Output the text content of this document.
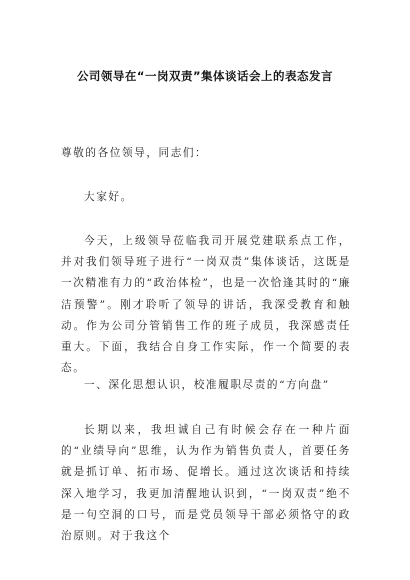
公司领导在“一岗双责”集体谈话会上的表态发言

尊敬的各位领导，同志们：

大家好。

今天，上级领导莅临我司开展党建联系点工作，并对我们领导班子进行“一岗双责”集体谈话，这既是一次精准有力的“政治体检”，也是一次恰逢其时的“廉洁预警”。刚才聆听了领导的讲话，我深受教育和触动。作为公司分管销售工作的班子成员，我深感责任重大。下面，我结合自身工作实际，作一个简要的表态。

一、深化思想认识，校准履职尽责的“方向盘”

长期以来，我坦诚自己有时候会存在一种片面的“业绩导向”思维，认为作为销售负责人，首要任务就是抓订单、拓市场、促增长。通过这次谈话和持续深入地学习，我更加清醒地认识到，“一岗双责”绝不是一句空洞的口号，而是党员领导干部必须恪守的政治原则。对于我这个
